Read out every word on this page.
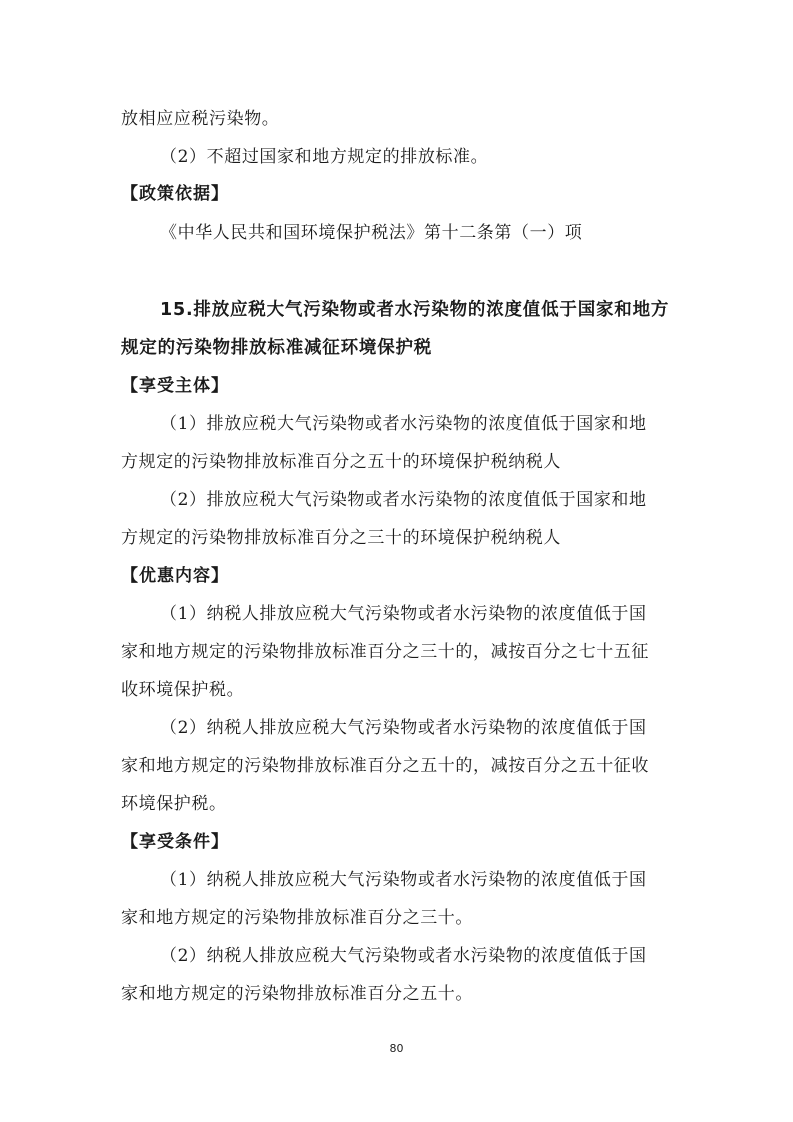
放相应应税污染物。
（2）不超过国家和地方规定的排放标准。
【政策依据】
《中华人民共和国环境保护税法》第十二条第（一）项
15.排放应税大气污染物或者水污染物的浓度值低于国家和地方
规定的污染物排放标准减征环境保护税
【享受主体】
（1）排放应税大气污染物或者水污染物的浓度值低于国家和地
方规定的污染物排放标准百分之五十的环境保护税纳税人
（2）排放应税大气污染物或者水污染物的浓度值低于国家和地
方规定的污染物排放标准百分之三十的环境保护税纳税人
【优惠内容】
（1）纳税人排放应税大气污染物或者水污染物的浓度值低于国
家和地方规定的污染物排放标准百分之三十的，减按百分之七十五征
收环境保护税。
（2）纳税人排放应税大气污染物或者水污染物的浓度值低于国
家和地方规定的污染物排放标准百分之五十的，减按百分之五十征收
环境保护税。
【享受条件】
（1）纳税人排放应税大气污染物或者水污染物的浓度值低于国
家和地方规定的污染物排放标准百分之三十。
（2）纳税人排放应税大气污染物或者水污染物的浓度值低于国
家和地方规定的污染物排放标准百分之五十。
80
